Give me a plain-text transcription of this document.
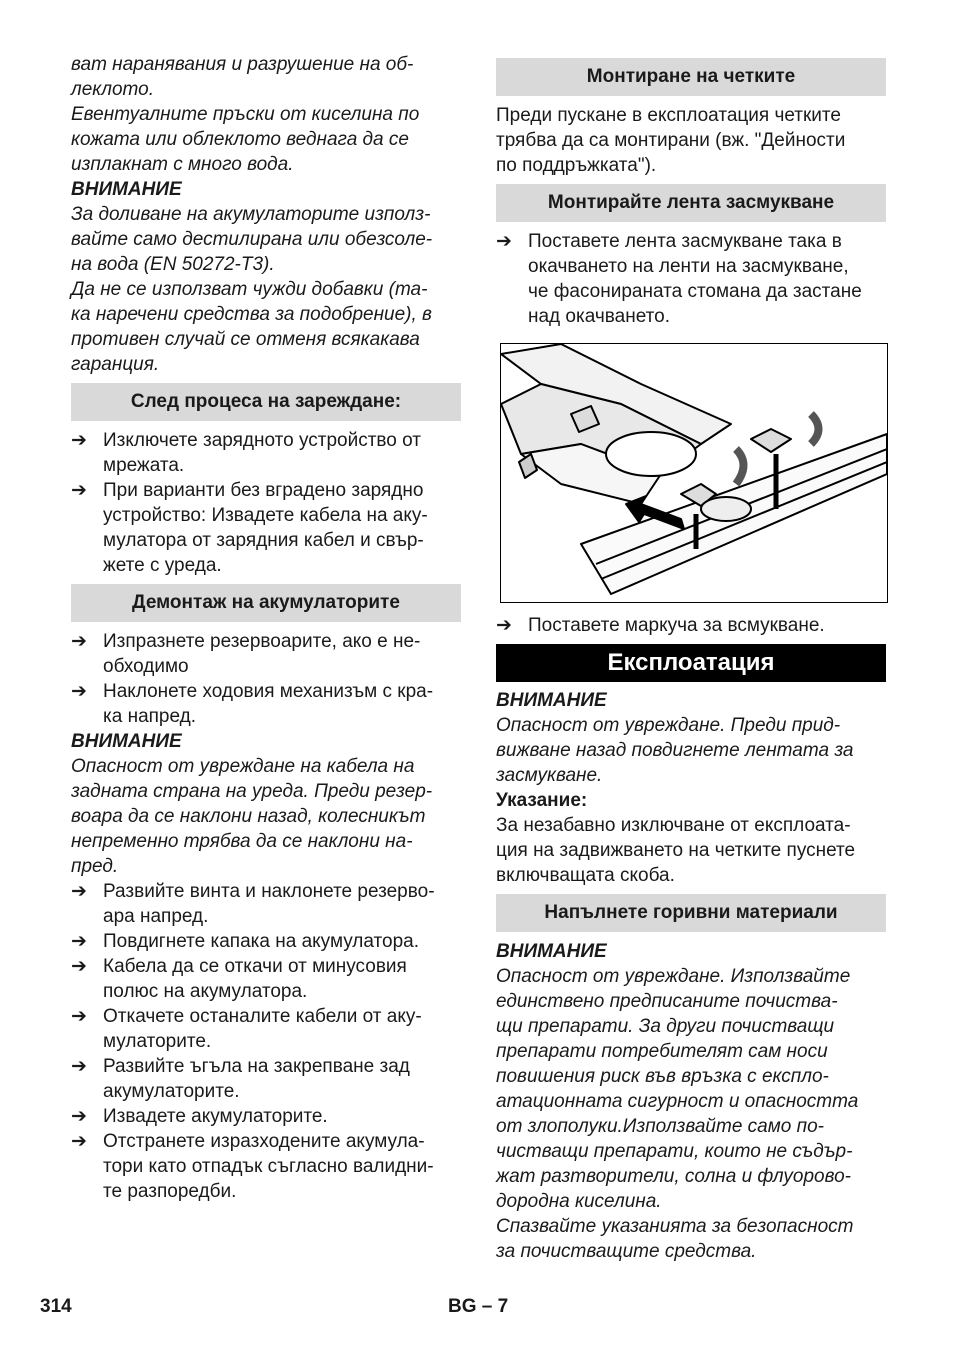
ват наранявания и разрушение на об-
леклото.
Евентуалните пръски от киселина по
кожата или облеклото веднага да се
изплакнат с много вода.

ВНИМАНИЕ

За доливане на акумулаторите използ-
вайте само дестилирана или обезсоле-
на вода (EN 50272-T3).
Да не се използват чужди добавки (та-
ка наречени средства за подобрение), в
противен случай се отменя всякакава
гаранция.
След процеса на зареждане:
➔ Изключете зарядното устройство от
мрежата.
➔ При варианти без вградено зарядно
устройство: Извадете кабела на аку-
мулатора от зарядния кабел и свър-
жете с уреда.
Демонтаж на акумулаторите
➔ Изпразнете резервоарите, ако е не-
обходимо
➔ Наклонете ходовия механизъм с кра-
ка напред.

ВНИМАНИЕ

Опасност от увреждане на кабела на
задната страна на уреда. Преди резер-
воара да се наклони назад, колесникът
непременно трябва да се наклони на-
пред.
➔ Развийте винта и наклонете резерво-
ара напред.
➔ Повдигнете капака на акумулатора.
➔ Кабела да се откачи от минусовия
полюс на акумулатора.
➔ Откачете останалите кабели от аку-
мулаторите.
➔ Развийте ъгъла на закрепване зад
акумулаторите.
➔ Извадете акумулаторите.
➔ Отстранете изразходените акумула-
тори като отпадък съгласно валидни-
те разпоредби.
Монтиране на четките
Преди пускане в експлоатация четките
трябва да са монтирани (вж. "Дейности
по поддръжката").
Монтирайте лента засмукване
➔ Поставете лента засмукване така в
окачването на ленти на засмукване,
че фасонираната стомана да застане
над окачването.
➔ Поставете маркуча за всмукване.
Експлоатация

ВНИМАНИЕ

Опасност от увреждане. Преди прид-
вижване назад повдигнете лентата за
засмукване.

Указание:

За незабавно изключване от експлоата-
ция на задвижването на четките пуснете
включващата скоба.
Напълнете горивни материали

ВНИМАНИЕ

Опасност от увреждане. Използвайте
единствено предписаните почиства-
щи препарати. За други почистващи
препарати потребителят сам носи
повишения риск във връзка с експло-
атационната сигурност и опасността
от злополуки.Използвайте само по-
чистващи препарати, които не съдър-
жат разтворители, солна и флуорово-
дородна киселина.
Спазвайте указанията за безопасност
за почистващите средства.
314	BG – 7
